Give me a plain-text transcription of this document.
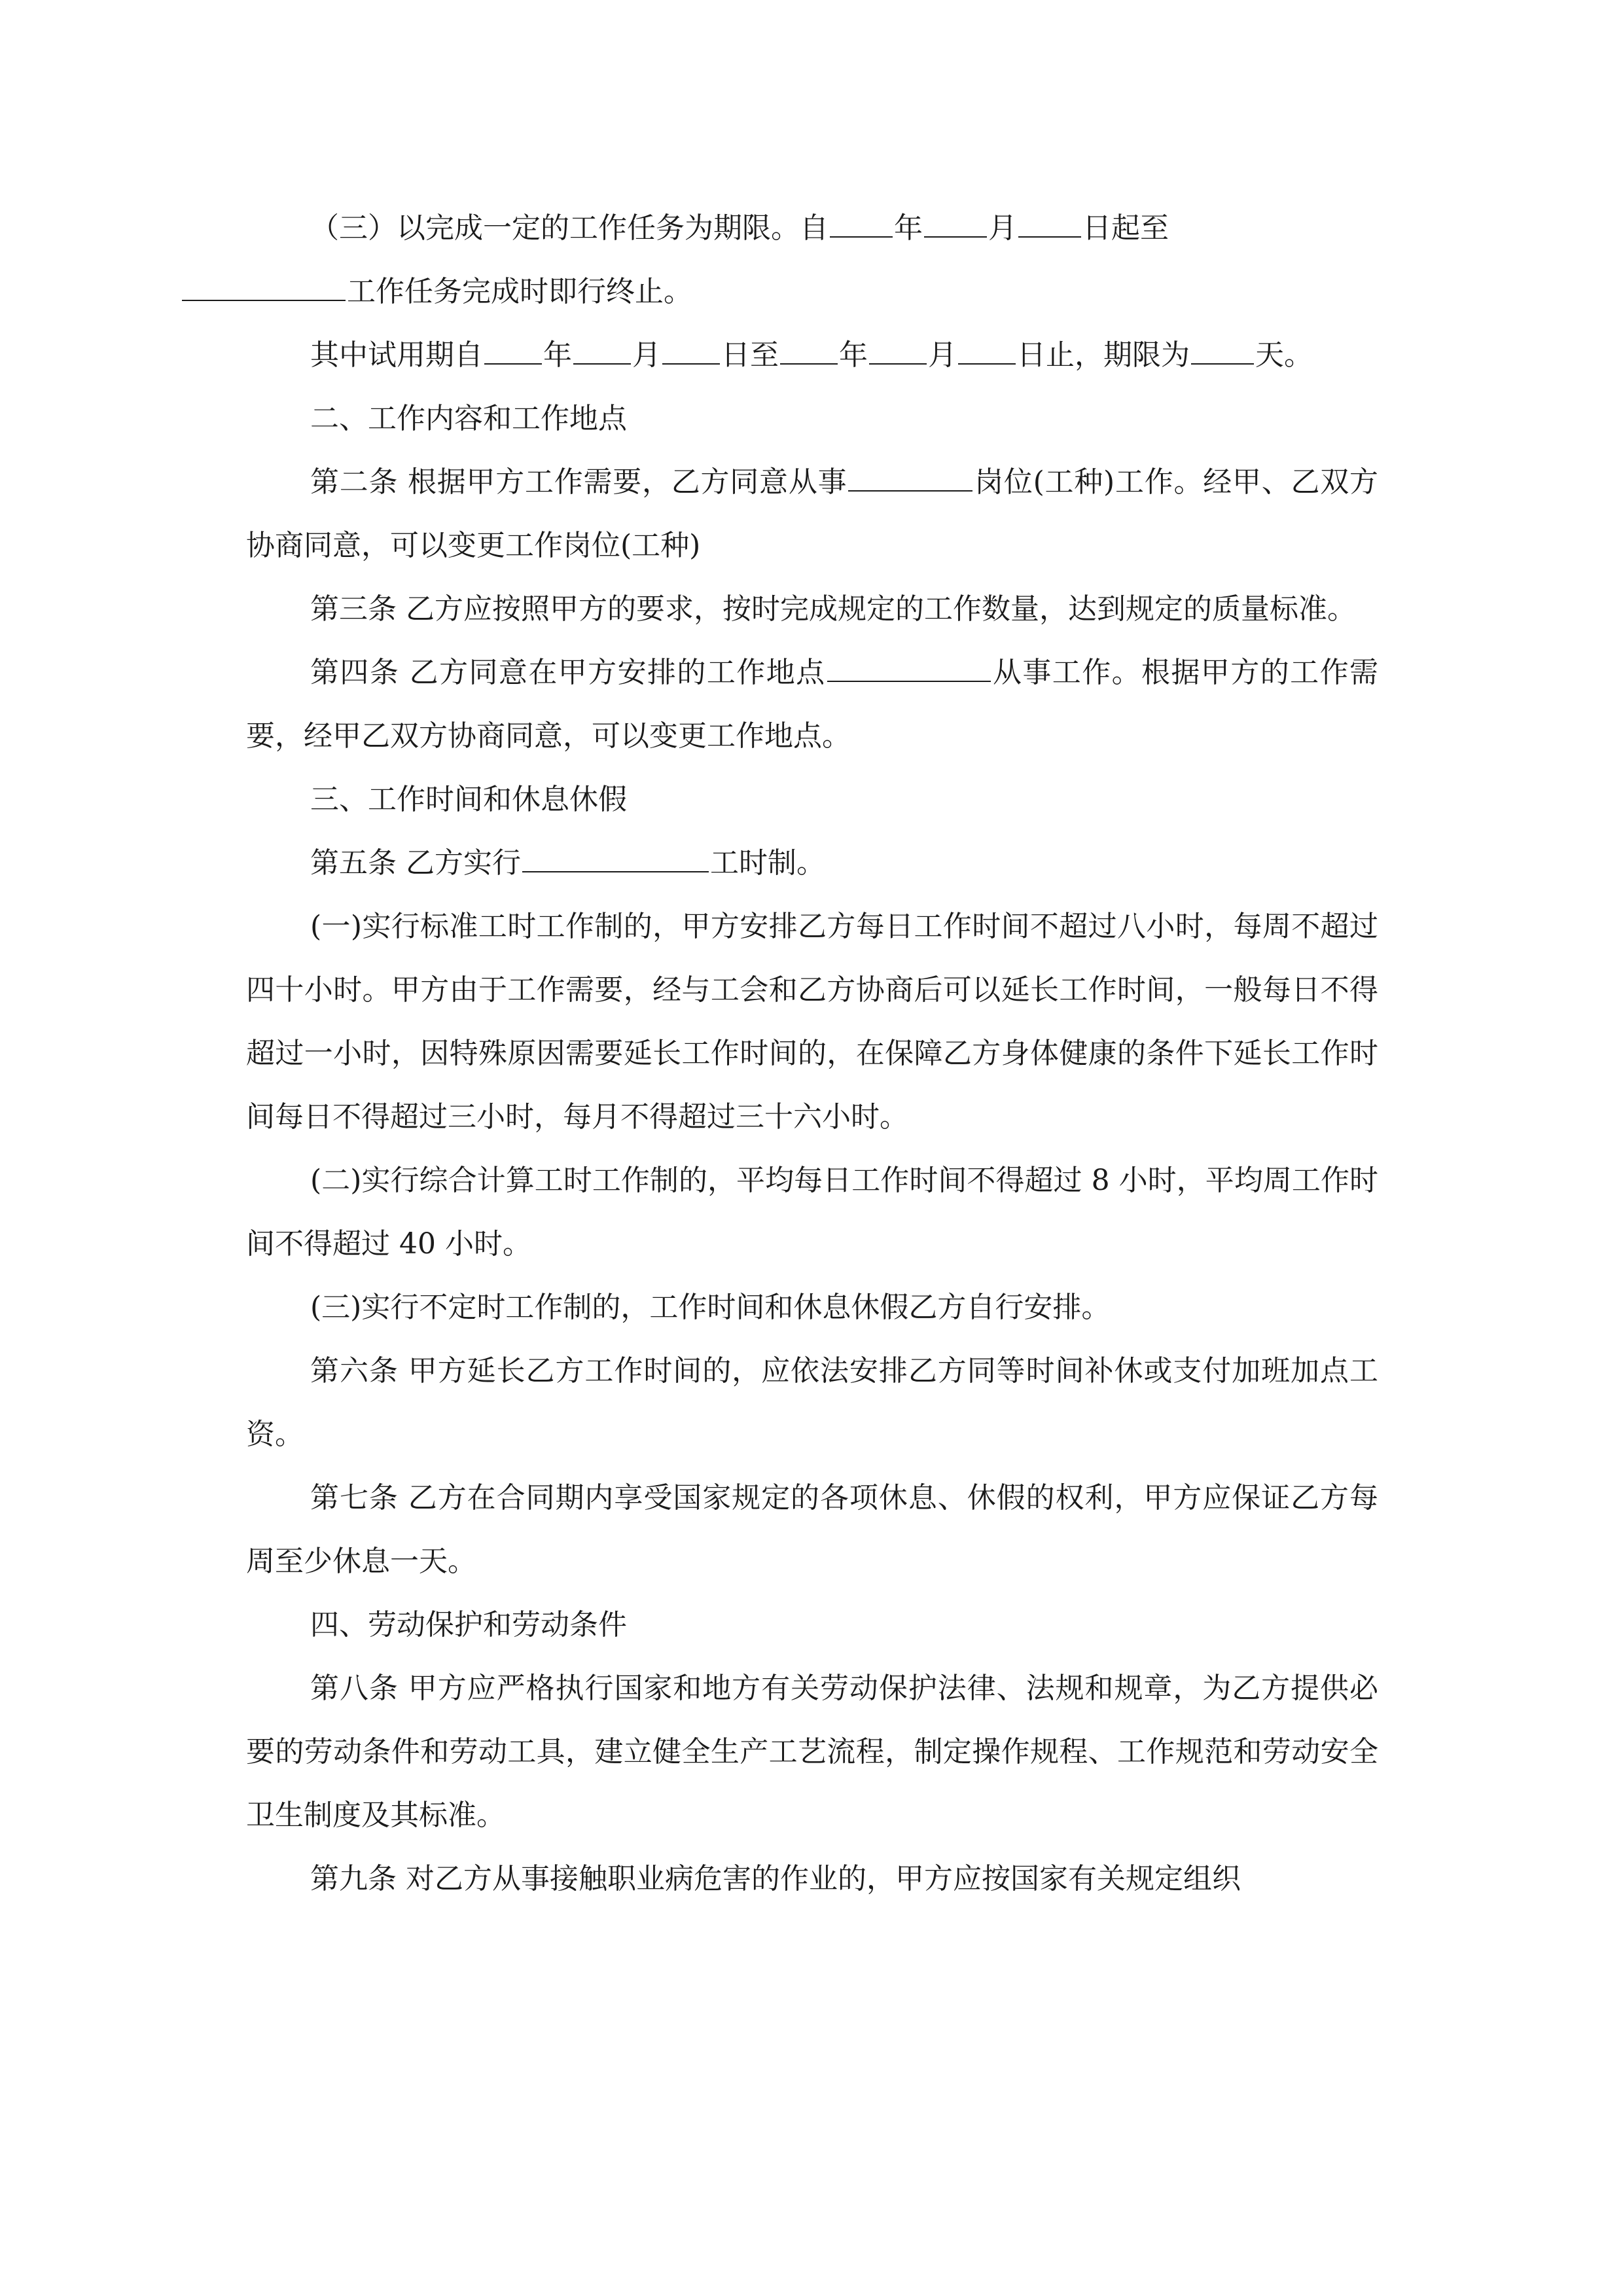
（三）以完成一定的工作任务为期限。自 年 月 日起至
工作任务完成时即行终止。

其中试用期自 年 月 日至 年 月 日止，期限为 天。

二、工作内容和工作地点

第二条 根据甲方工作需要，乙方同意从事	岗位(工种)工作。经甲、乙双方协商同意，可以变更工作岗位(工种)

第三条 乙方应按照甲方的要求，按时完成规定的工作数量，达到规定的质量标准。

第四条 乙方同意在甲方安排的工作地点	从事工作。根据甲方的工作需要，经甲乙双方协商同意，可以变更工作地点。

三、工作时间和休息休假

第五条 乙方实行	工时制。

(一)实行标准工时工作制的，甲方安排乙方每日工作时间不超过八小时，每周不超过四十小时。甲方由于工作需要，经与工会和乙方协商后可以延长工作时间，一般每日不得超过一小时，因特殊原因需要延长工作时间的，在保障乙方身体健康的条件下延长工作时间每日不得超过三小时，每月不得超过三十六小时。

(二)实行综合计算工时工作制的，平均每日工作时间不得超过 8 小时，平均周工作时间不得超过 40 小时。

(三)实行不定时工作制的，工作时间和休息休假乙方自行安排。

第六条 甲方延长乙方工作时间的，应依法安排乙方同等时间补休或支付加班加点工资。

第七条 乙方在合同期内享受国家规定的各项休息、休假的权利，甲方应保证乙方每周至少休息一天。

四、劳动保护和劳动条件

第八条 甲方应严格执行国家和地方有关劳动保护法律、法规和规章，为乙方提供必要的劳动条件和劳动工具，建立健全生产工艺流程，制定操作规程、工作规范和劳动安全卫生制度及其标准。

第九条 对乙方从事接触职业病危害的作业的，甲方应按国家有关规定组织
